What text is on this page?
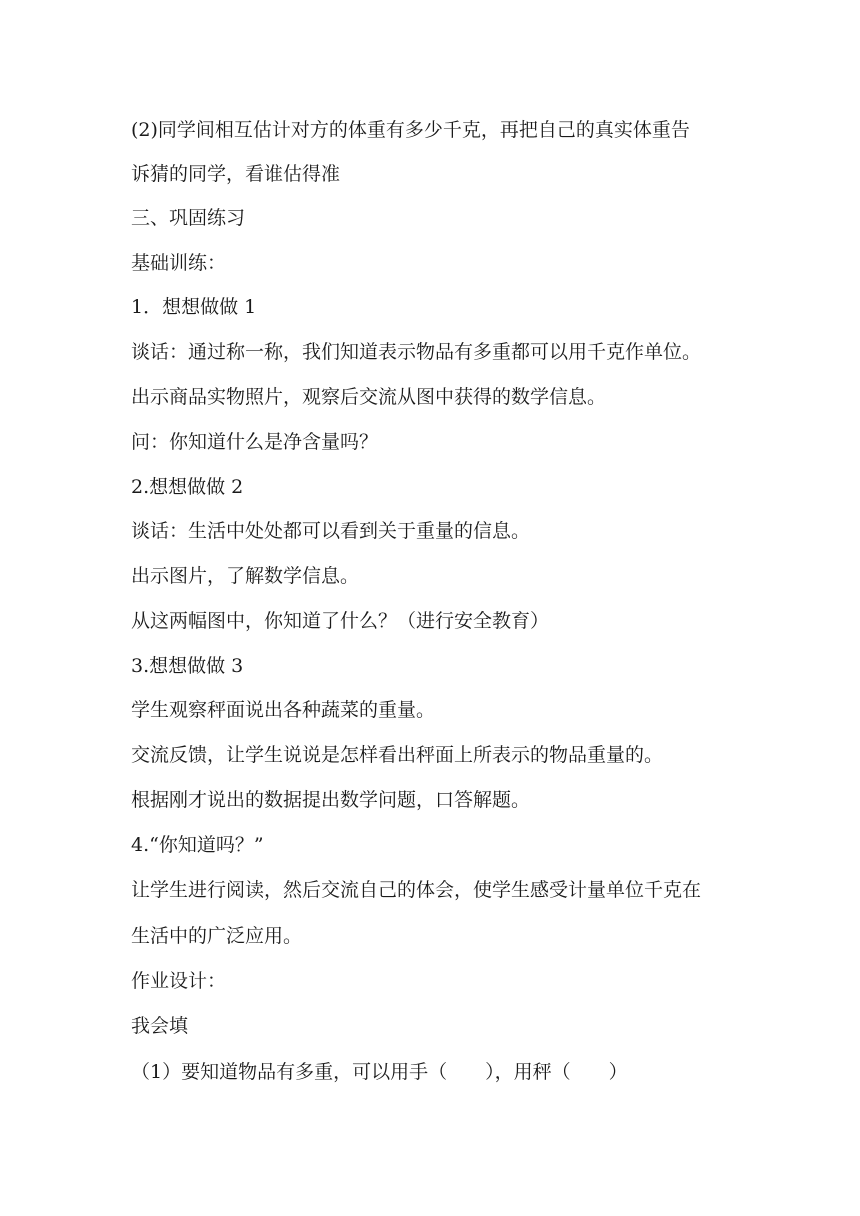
(2)同学间相互估计对方的体重有多少千克，再把自己的真实体重告
诉猜的同学，看谁估得准
三、巩固练习
基础训练：
1．想想做做 1
谈话：通过称一称，我们知道表示物品有多重都可以用千克作单位。
出示商品实物照片，观察后交流从图中获得的数学信息。
问：你知道什么是净含量吗？
2.想想做做 2
谈话：生活中处处都可以看到关于重量的信息。
出示图片，了解数学信息。
从这两幅图中，你知道了什么？（进行安全教育）
3.想想做做 3
学生观察秤面说出各种蔬菜的重量。
交流反馈，让学生说说是怎样看出秤面上所表示的物品重量的。
根据刚才说出的数据提出数学问题，口答解题。
4.“你知道吗？”
让学生进行阅读，然后交流自己的体会，使学生感受计量单位千克在
生活中的广泛应用。
作业设计：
我会填
（1）要知道物品有多重，可以用手（　　），用秤（　　）
